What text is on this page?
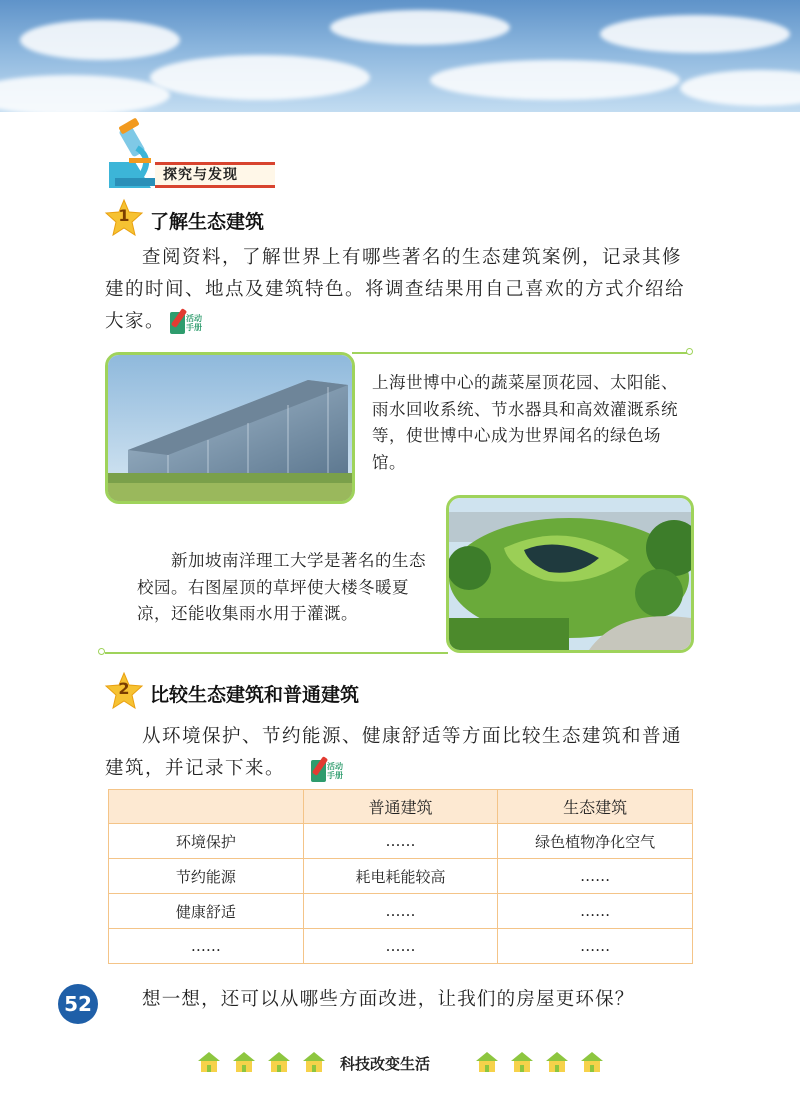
探究与发现
1	了解生态建筑
查阅资料，了解世界上有哪些著名的生态建筑案例，记录其修建的时间、地点及建筑特色。将调查结果用自己喜欢的方式介绍给大家。	活动
手册
上海世博中心的蔬菜屋顶花园、太阳能、雨水回收系统、节水器具和高效灌溉系统等，使世博中心成为世界闻名的绿色场馆。
新加坡南洋理工大学是著名的生态校园。右图屋顶的草坪使大楼冬暖夏凉，还能收集雨水用于灌溉。
2	比较生态建筑和普通建筑
从环境保护、节约能源、健康舒适等方面比较生态建筑和普通建筑，并记录下来。	活动
手册
	普通建筑	生态建筑
环境保护	……	绿色植物净化空气
节约能源	耗电耗能较高	……
健康舒适	……	……
……	……	……
52	想一想，还可以从哪些方面改进，让我们的房屋更环保？
科技改变生活
